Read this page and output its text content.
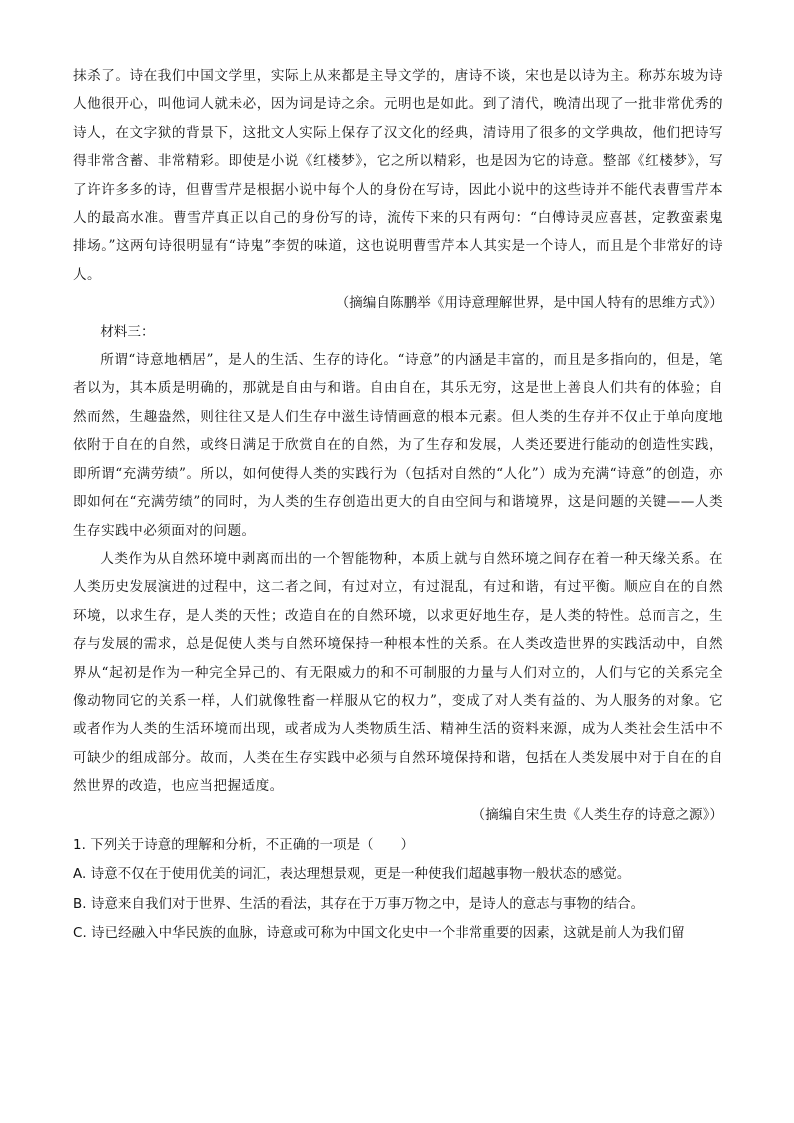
抹杀了。诗在我们中国文学里，实际上从来都是主导文学的，唐诗不谈，宋也是以诗为主。称苏东坡为诗人他很开心，叫他词人就未必，因为词是诗之余。元明也是如此。到了清代，晚清出现了一批非常优秀的诗人，在文字狱的背景下，这批文人实际上保存了汉文化的经典，清诗用了很多的文学典故，他们把诗写得非常含蓄、非常精彩。即使是小说《红楼梦》，它之所以精彩，也是因为它的诗意。整部《红楼梦》，写了许许多多的诗，但曹雪芹是根据小说中每个人的身份在写诗，因此小说中的这些诗并不能代表曹雪芹本人的最高水准。曹雪芹真正以自己的身份写的诗，流传下来的只有两句：“白傅诗灵应喜甚，定教蛮素鬼排场。”这两句诗很明显有“诗鬼”李贺的味道，这也说明曹雪芹本人其实是一个诗人，而且是个非常好的诗人。

（摘编自陈鹏举《用诗意理解世界，是中国人特有的思维方式》）

材料三：

所谓“诗意地栖居”，是人的生活、生存的诗化。“诗意”的内涵是丰富的，而且是多指向的，但是，笔者以为，其本质是明确的，那就是自由与和谐。自由自在，其乐无穷，这是世上善良人们共有的体验；自然而然，生趣盎然，则往往又是人们生存中滋生诗情画意的根本元素。但人类的生存并不仅止于单向度地依附于自在的自然，或终日满足于欣赏自在的自然，为了生存和发展，人类还要进行能动的创造性实践，即所谓“充满劳绩”。所以，如何使得人类的实践行为（包括对自然的“人化”）成为充满“诗意”的创造，亦即如何在“充满劳绩”的同时，为人类的生存创造出更大的自由空间与和谐境界，这是问题的关键——人类生存实践中必须面对的问题。

人类作为从自然环境中剥离而出的一个智能物种，本质上就与自然环境之间存在着一种天缘关系。在人类历史发展演进的过程中，这二者之间，有过对立，有过混乱，有过和谐，有过平衡。顺应自在的自然环境，以求生存，是人类的天性；改造自在的自然环境，以求更好地生存，是人类的特性。总而言之，生存与发展的需求，总是促使人类与自然环境保持一种根本性的关系。在人类改造世界的实践活动中，自然界从“起初是作为一种完全异己的、有无限威力的和不可制服的力量与人们对立的，人们与它的关系完全像动物同它的关系一样，人们就像牲畜一样服从它的权力”，变成了对人类有益的、为人服务的对象。它或者作为人类的生活环境而出现，或者成为人类物质生活、精神生活的资料来源，成为人类社会生活中不可缺少的组成部分。故而，人类在生存实践中必须与自然环境保持和谐，包括在人类发展中对于自在的自然世界的改造，也应当把握适度。

（摘编自宋生贵《人类生存的诗意之源》）

1. 下列关于诗意的理解和分析，不正确的一项是（　　）

A. 诗意不仅在于使用优美的词汇，表达理想景观，更是一种使我们超越事物一般状态的感觉。

B. 诗意来自我们对于世界、生活的看法，其存在于万事万物之中，是诗人的意志与事物的结合。

C. 诗已经融入中华民族的血脉，诗意或可称为中国文化史中一个非常重要的因素，这就是前人为我们留
